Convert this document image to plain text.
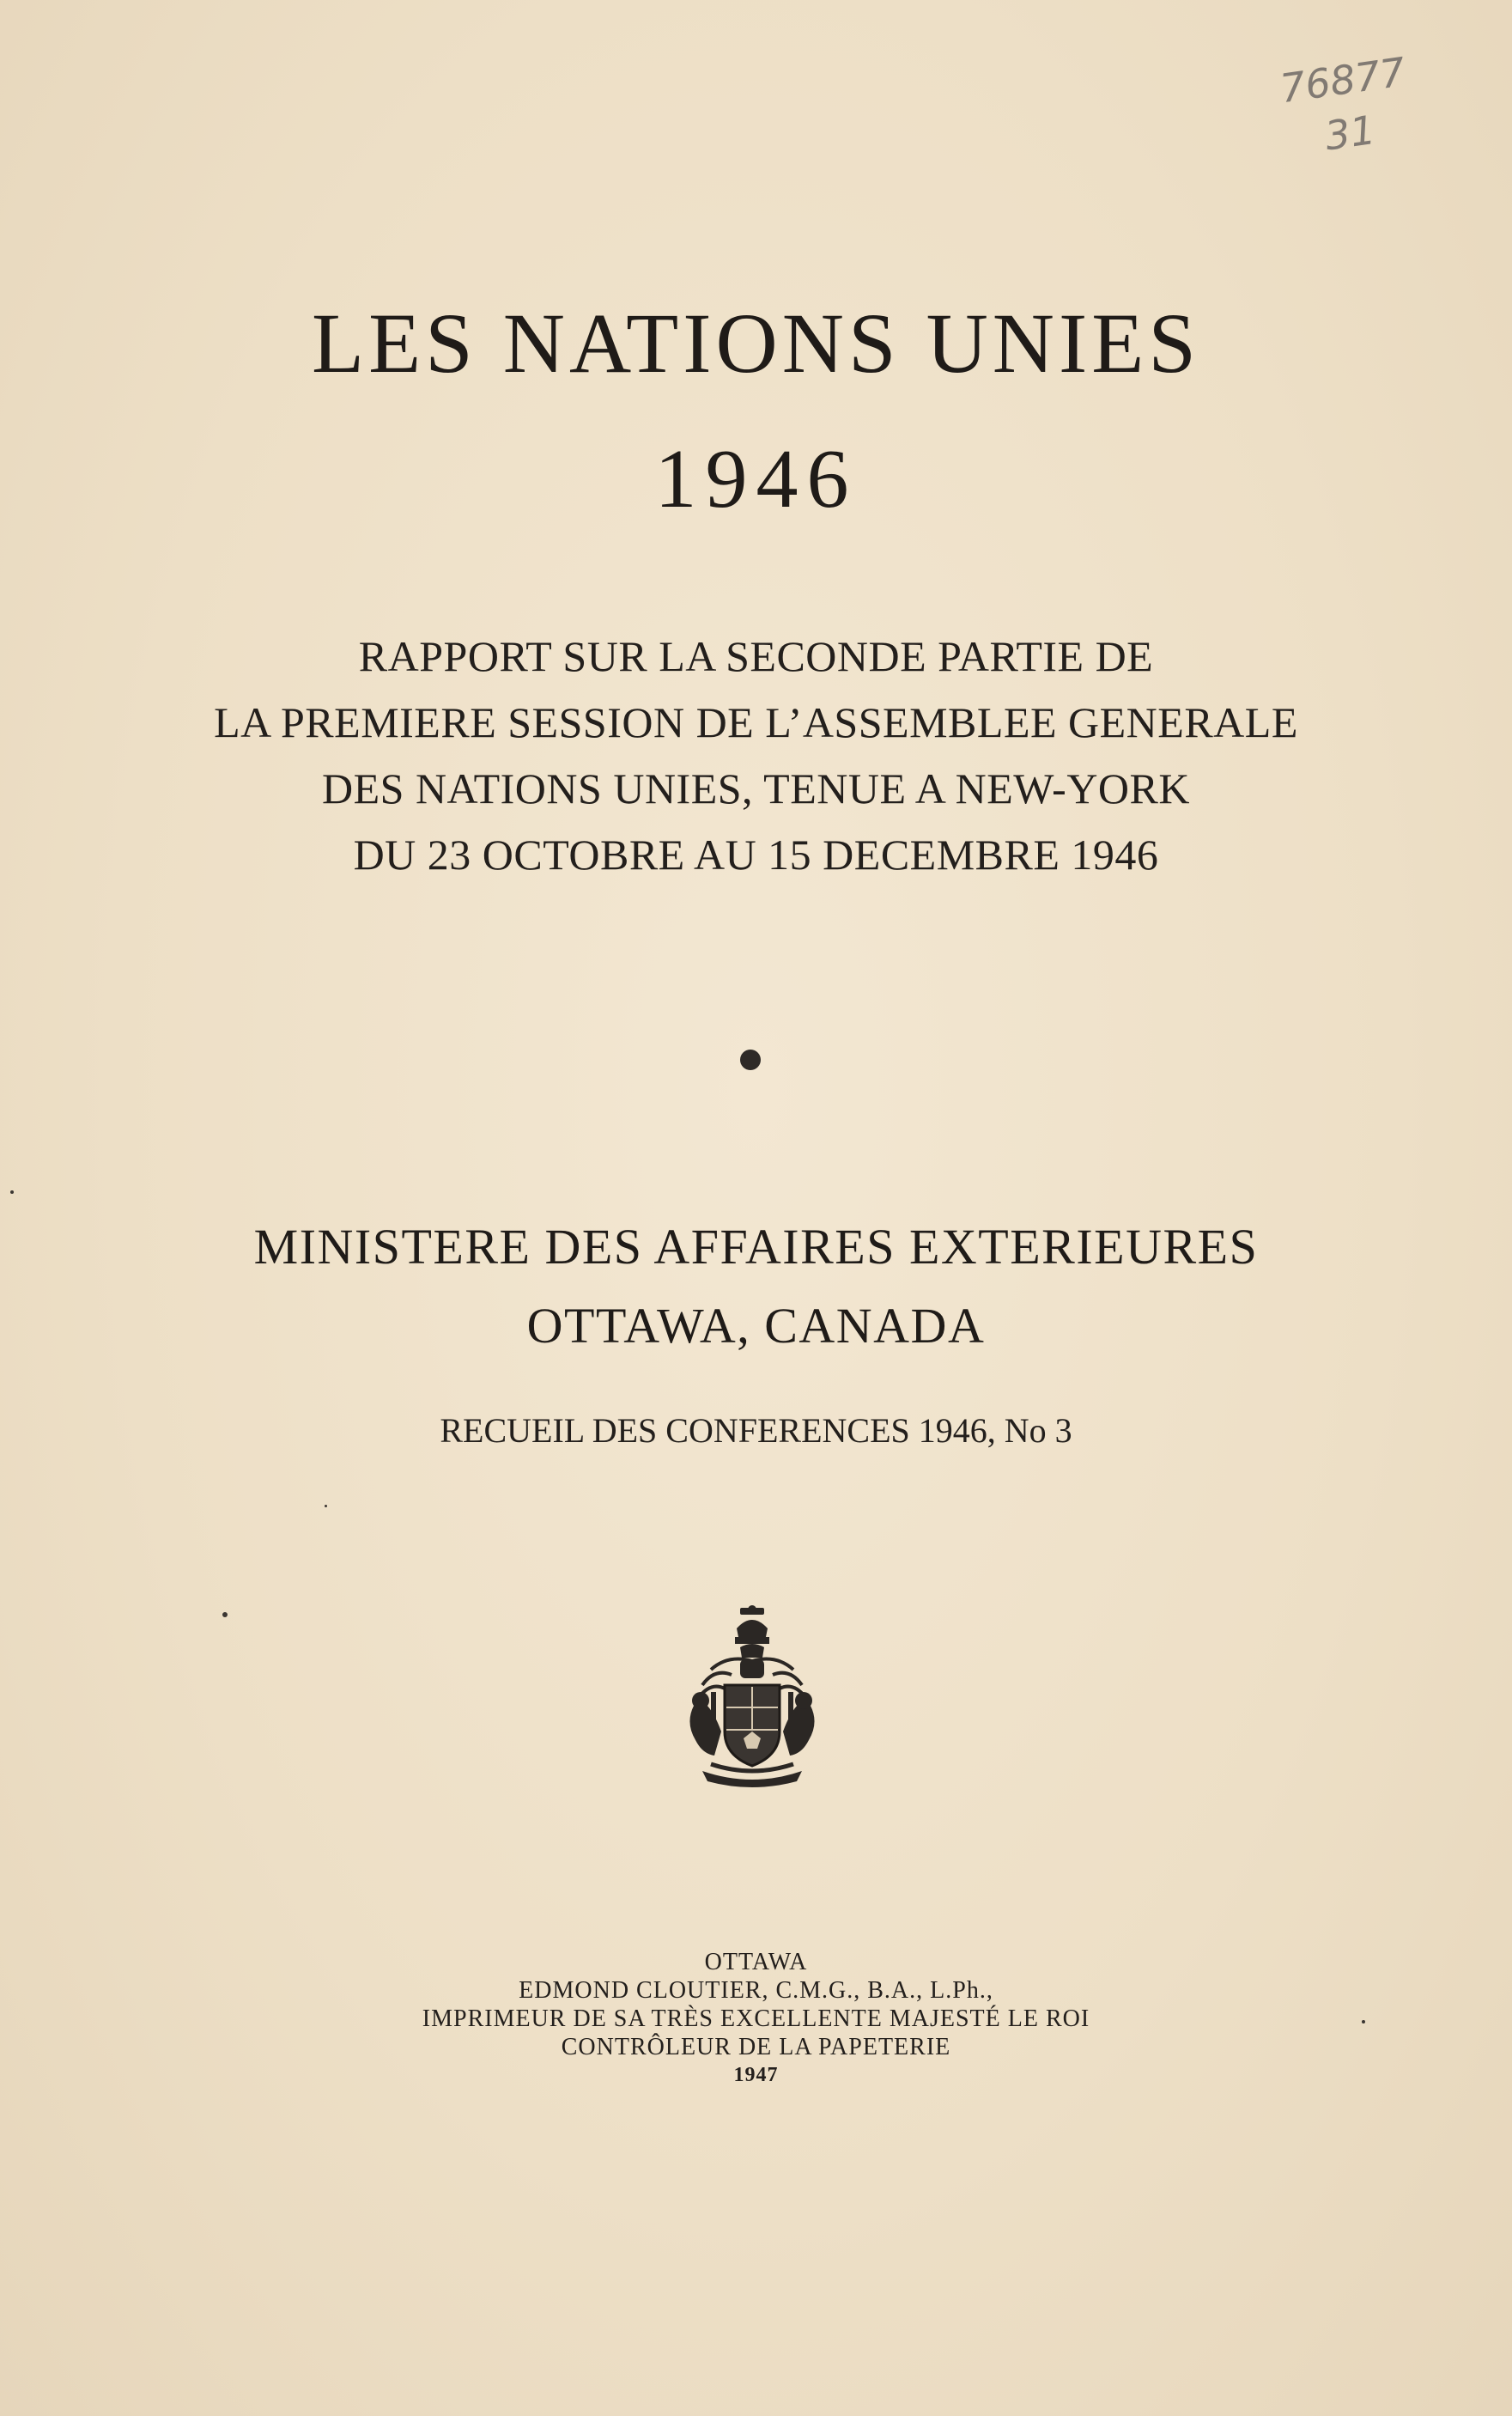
76877
31
LES NATIONS UNIES
1946
RAPPORT SUR LA SECONDE PARTIE DE
LA PREMIERE SESSION DE L’ASSEMBLEE GENERALE
DES NATIONS UNIES, TENUE A NEW-YORK
DU 23 OCTOBRE AU 15 DECEMBRE 1946
MINISTERE DES AFFAIRES EXTERIEURES
OTTAWA, CANADA
RECUEIL DES CONFERENCES 1946, No 3
OTTAWA
EDMOND CLOUTIER, C.M.G., B.A., L.Ph.,
IMPRIMEUR DE SA TRÈS EXCELLENTE MAJESTÉ LE ROI
CONTRÔLEUR DE LA PAPETERIE
1947
